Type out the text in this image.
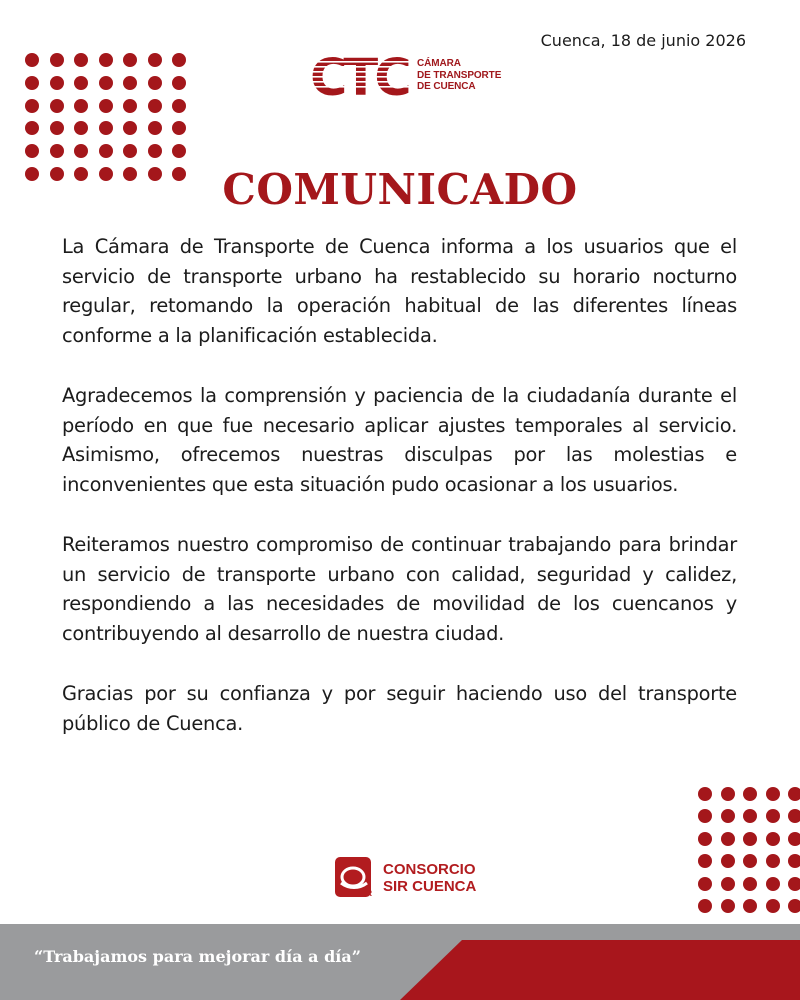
Cuenca, 18 de junio 2026
CÁMARA
DE TRANSPORTE
DE CUENCA
COMUNICADO

La Cámara de Transporte de Cuenca informa a los usuarios que el servicio de transporte urbano ha restablecido su horario nocturno regular, retomando la operación habitual de las diferentes líneas conforme a la planificación establecida.

Agradecemos la comprensión y paciencia de la ciudadanía durante el período en que fue necesario aplicar ajustes temporales al servicio. Asimismo, ofrecemos nuestras disculpas por las molestias e inconvenientes que esta situación pudo ocasionar a los usuarios.

Reiteramos nuestro compromiso de continuar trabajando para brindar un servicio de transporte urbano con calidad, seguridad y calidez, respondiendo a las necesidades de movilidad de los cuencanos y contribuyendo al desarrollo de nuestra ciudad.

Gracias por su confianza y por seguir haciendo uso del transporte público de Cuenca.

IR
CONSORCIO
SIR CUENCA
“Trabajamos para mejorar día a día”
